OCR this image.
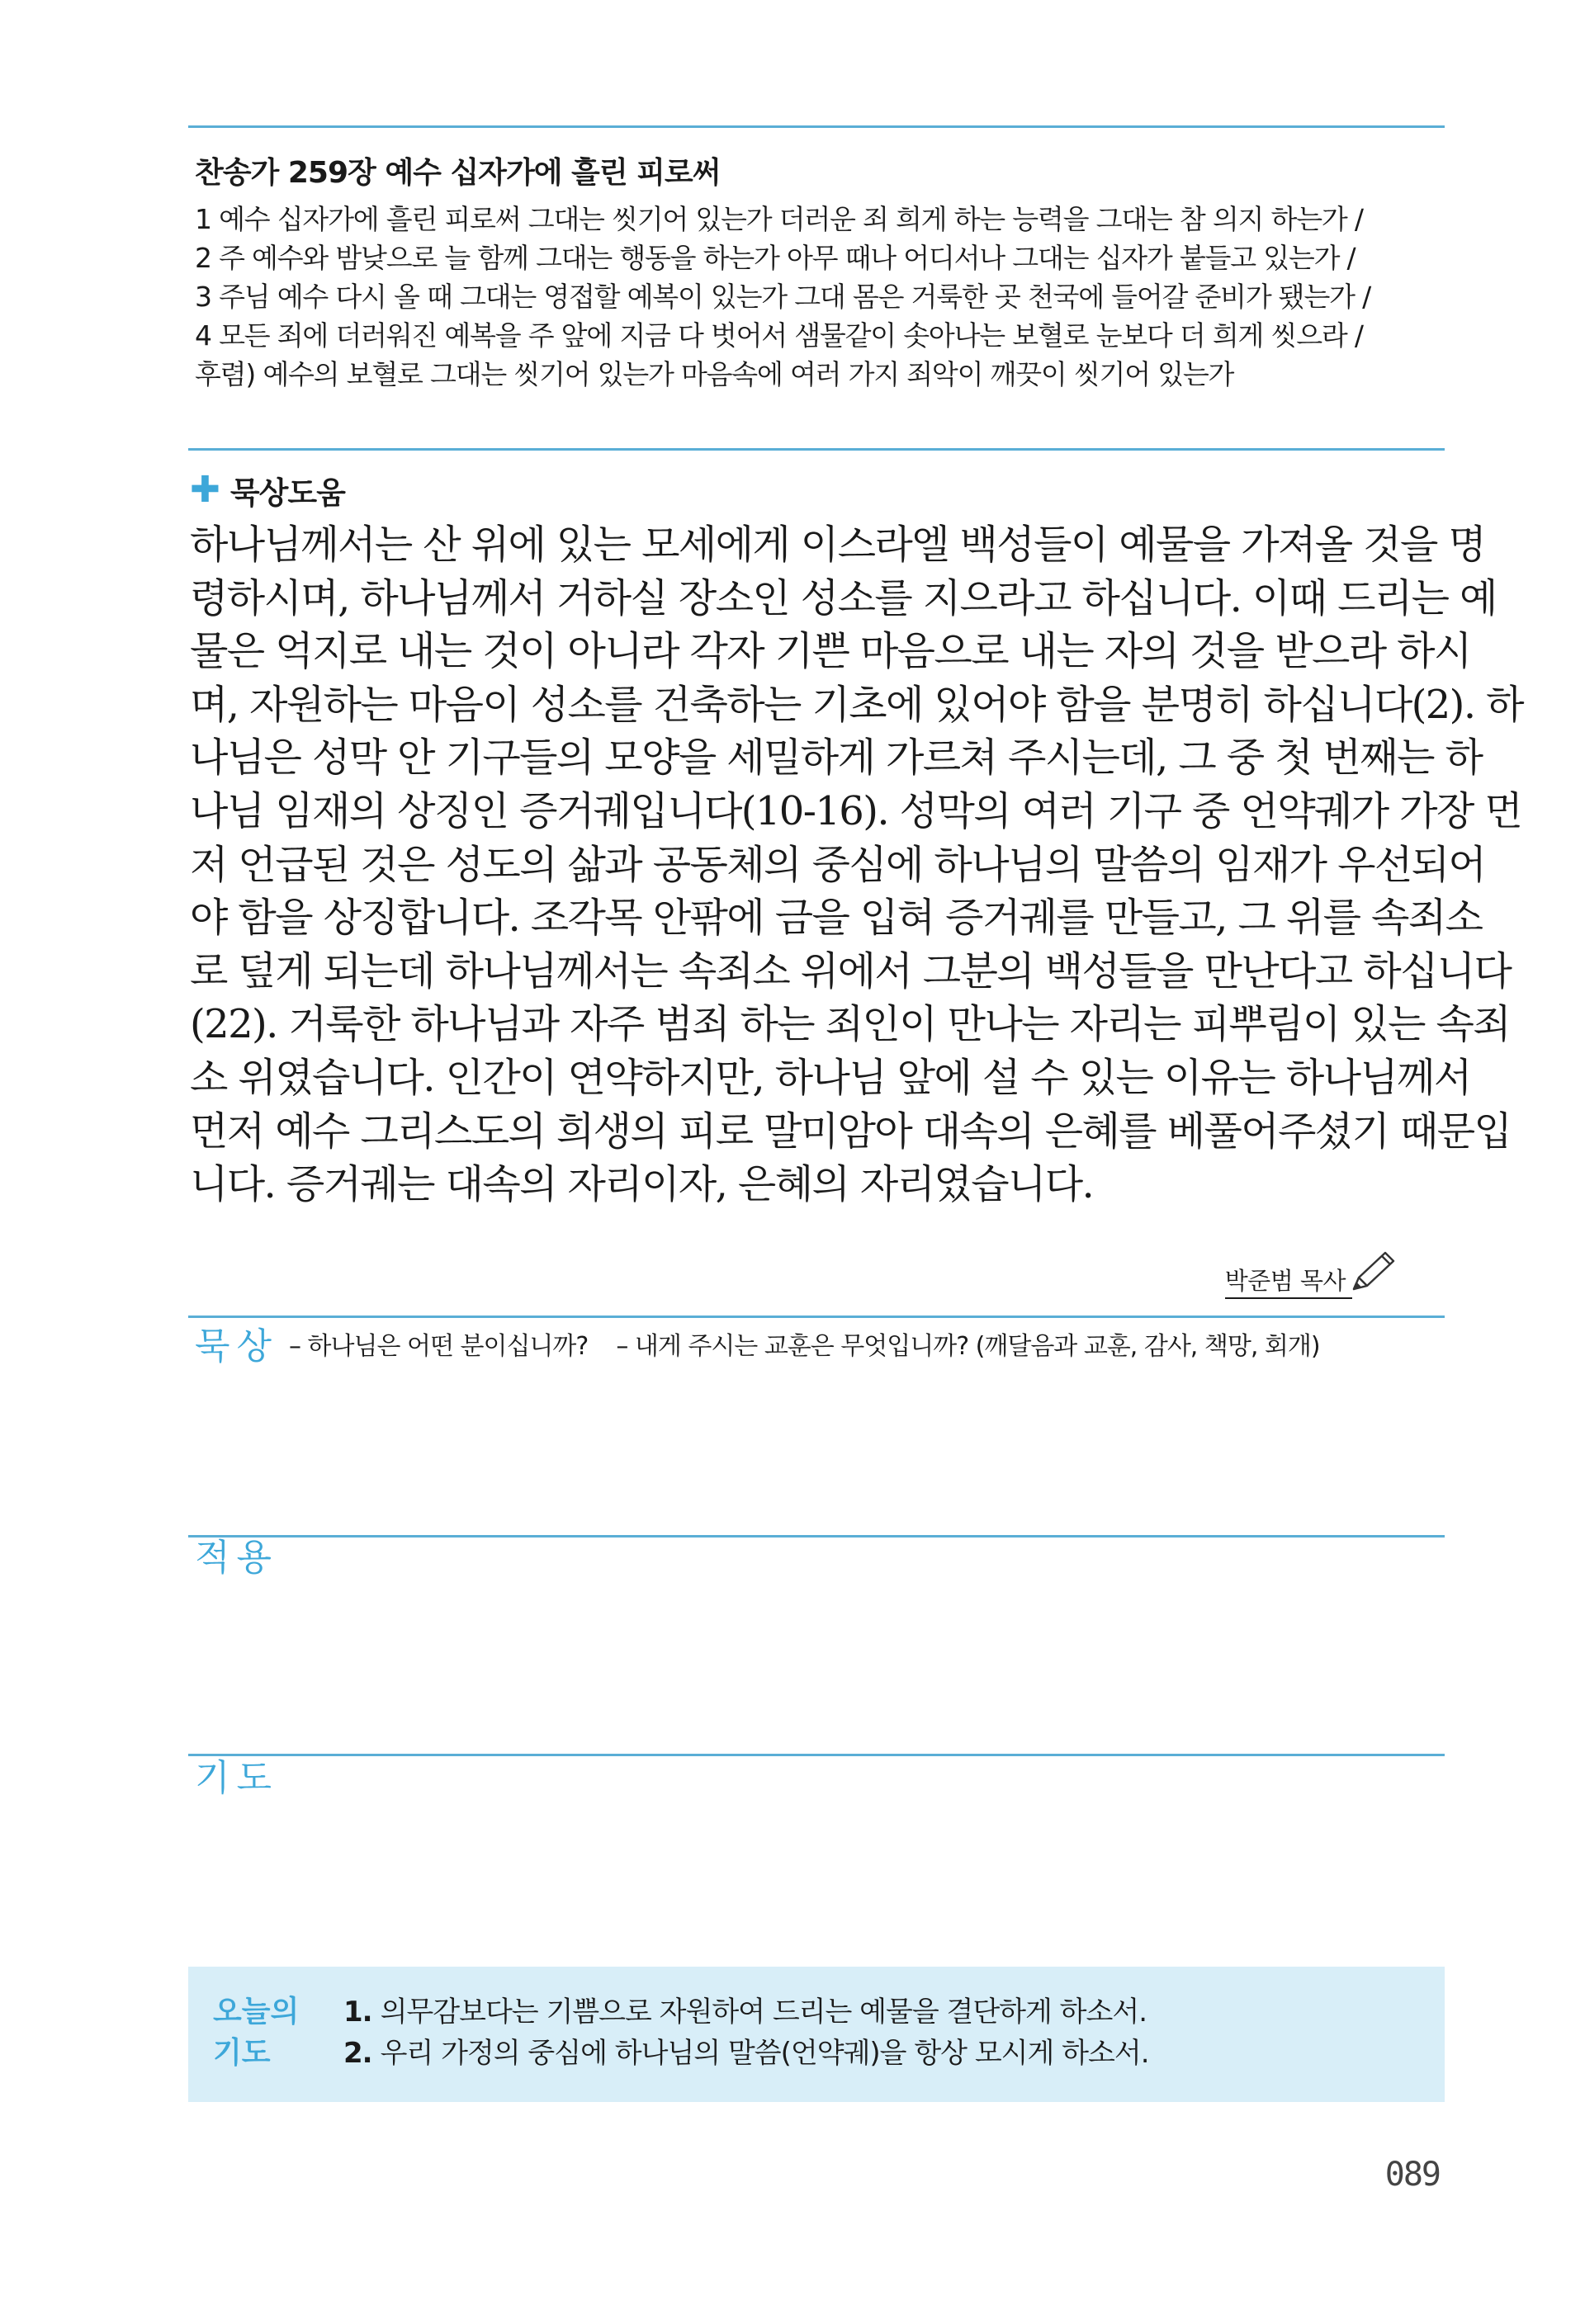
찬송가 259장 예수 십자가에 흘린 피로써
1 예수 십자가에 흘린 피로써 그대는 씻기어 있는가 더러운 죄 희게 하는 능력을 그대는 참 의지 하는가 /
2 주 예수와 밤낮으로 늘 함께 그대는 행동을 하는가 아무 때나 어디서나 그대는 십자가 붙들고 있는가 /
3 주님 예수 다시 올 때 그대는 영접할 예복이 있는가 그대 몸은 거룩한 곳 천국에 들어갈 준비가 됐는가 /
4 모든 죄에 더러워진 예복을 주 앞에 지금 다 벗어서 샘물같이 솟아나는 보혈로 눈보다 더 희게 씻으라 /
후렴) 예수의 보혈로 그대는 씻기어 있는가 마음속에 여러 가지 죄악이 깨끗이 씻기어 있는가
✚ 묵상도움
하나님께서는 산 위에 있는 모세에게 이스라엘 백성들이 예물을 가져올 것을 명
령하시며, 하나님께서 거하실 장소인 성소를 지으라고 하십니다. 이때 드리는 예
물은 억지로 내는 것이 아니라 각자 기쁜 마음으로 내는 자의 것을 받으라 하시
며, 자원하는 마음이 성소를 건축하는 기초에 있어야 함을 분명히 하십니다(2). 하
나님은 성막 안 기구들의 모양을 세밀하게 가르쳐 주시는데, 그 중 첫 번째는 하
나님 임재의 상징인 증거궤입니다(10-16). 성막의 여러 기구 중 언약궤가 가장 먼
저 언급된 것은 성도의 삶과 공동체의 중심에 하나님의 말씀의 임재가 우선되어
야 함을 상징합니다. 조각목 안팎에 금을 입혀 증거궤를 만들고, 그 위를 속죄소
로 덮게 되는데 하나님께서는 속죄소 위에서 그분의 백성들을 만난다고 하십니다
(22). 거룩한 하나님과 자주 범죄 하는 죄인이 만나는 자리는 피뿌림이 있는 속죄
소 위였습니다. 인간이 연약하지만, 하나님 앞에 설 수 있는 이유는 하나님께서
먼저 예수 그리스도의 희생의 피로 말미암아 대속의 은혜를 베풀어주셨기 때문입
니다. 증거궤는 대속의 자리이자, 은혜의 자리였습니다.
박준범 목사
묵상 – 하나님은 어떤 분이십니까? – 내게 주시는 교훈은 무엇입니까? (깨달음과 교훈, 감사, 책망, 회개)
적용
기도
오늘의
기도
1. 의무감보다는 기쁨으로 자원하여 드리는 예물을 결단하게 하소서.
2. 우리 가정의 중심에 하나님의 말씀(언약궤)을 항상 모시게 하소서.
089
